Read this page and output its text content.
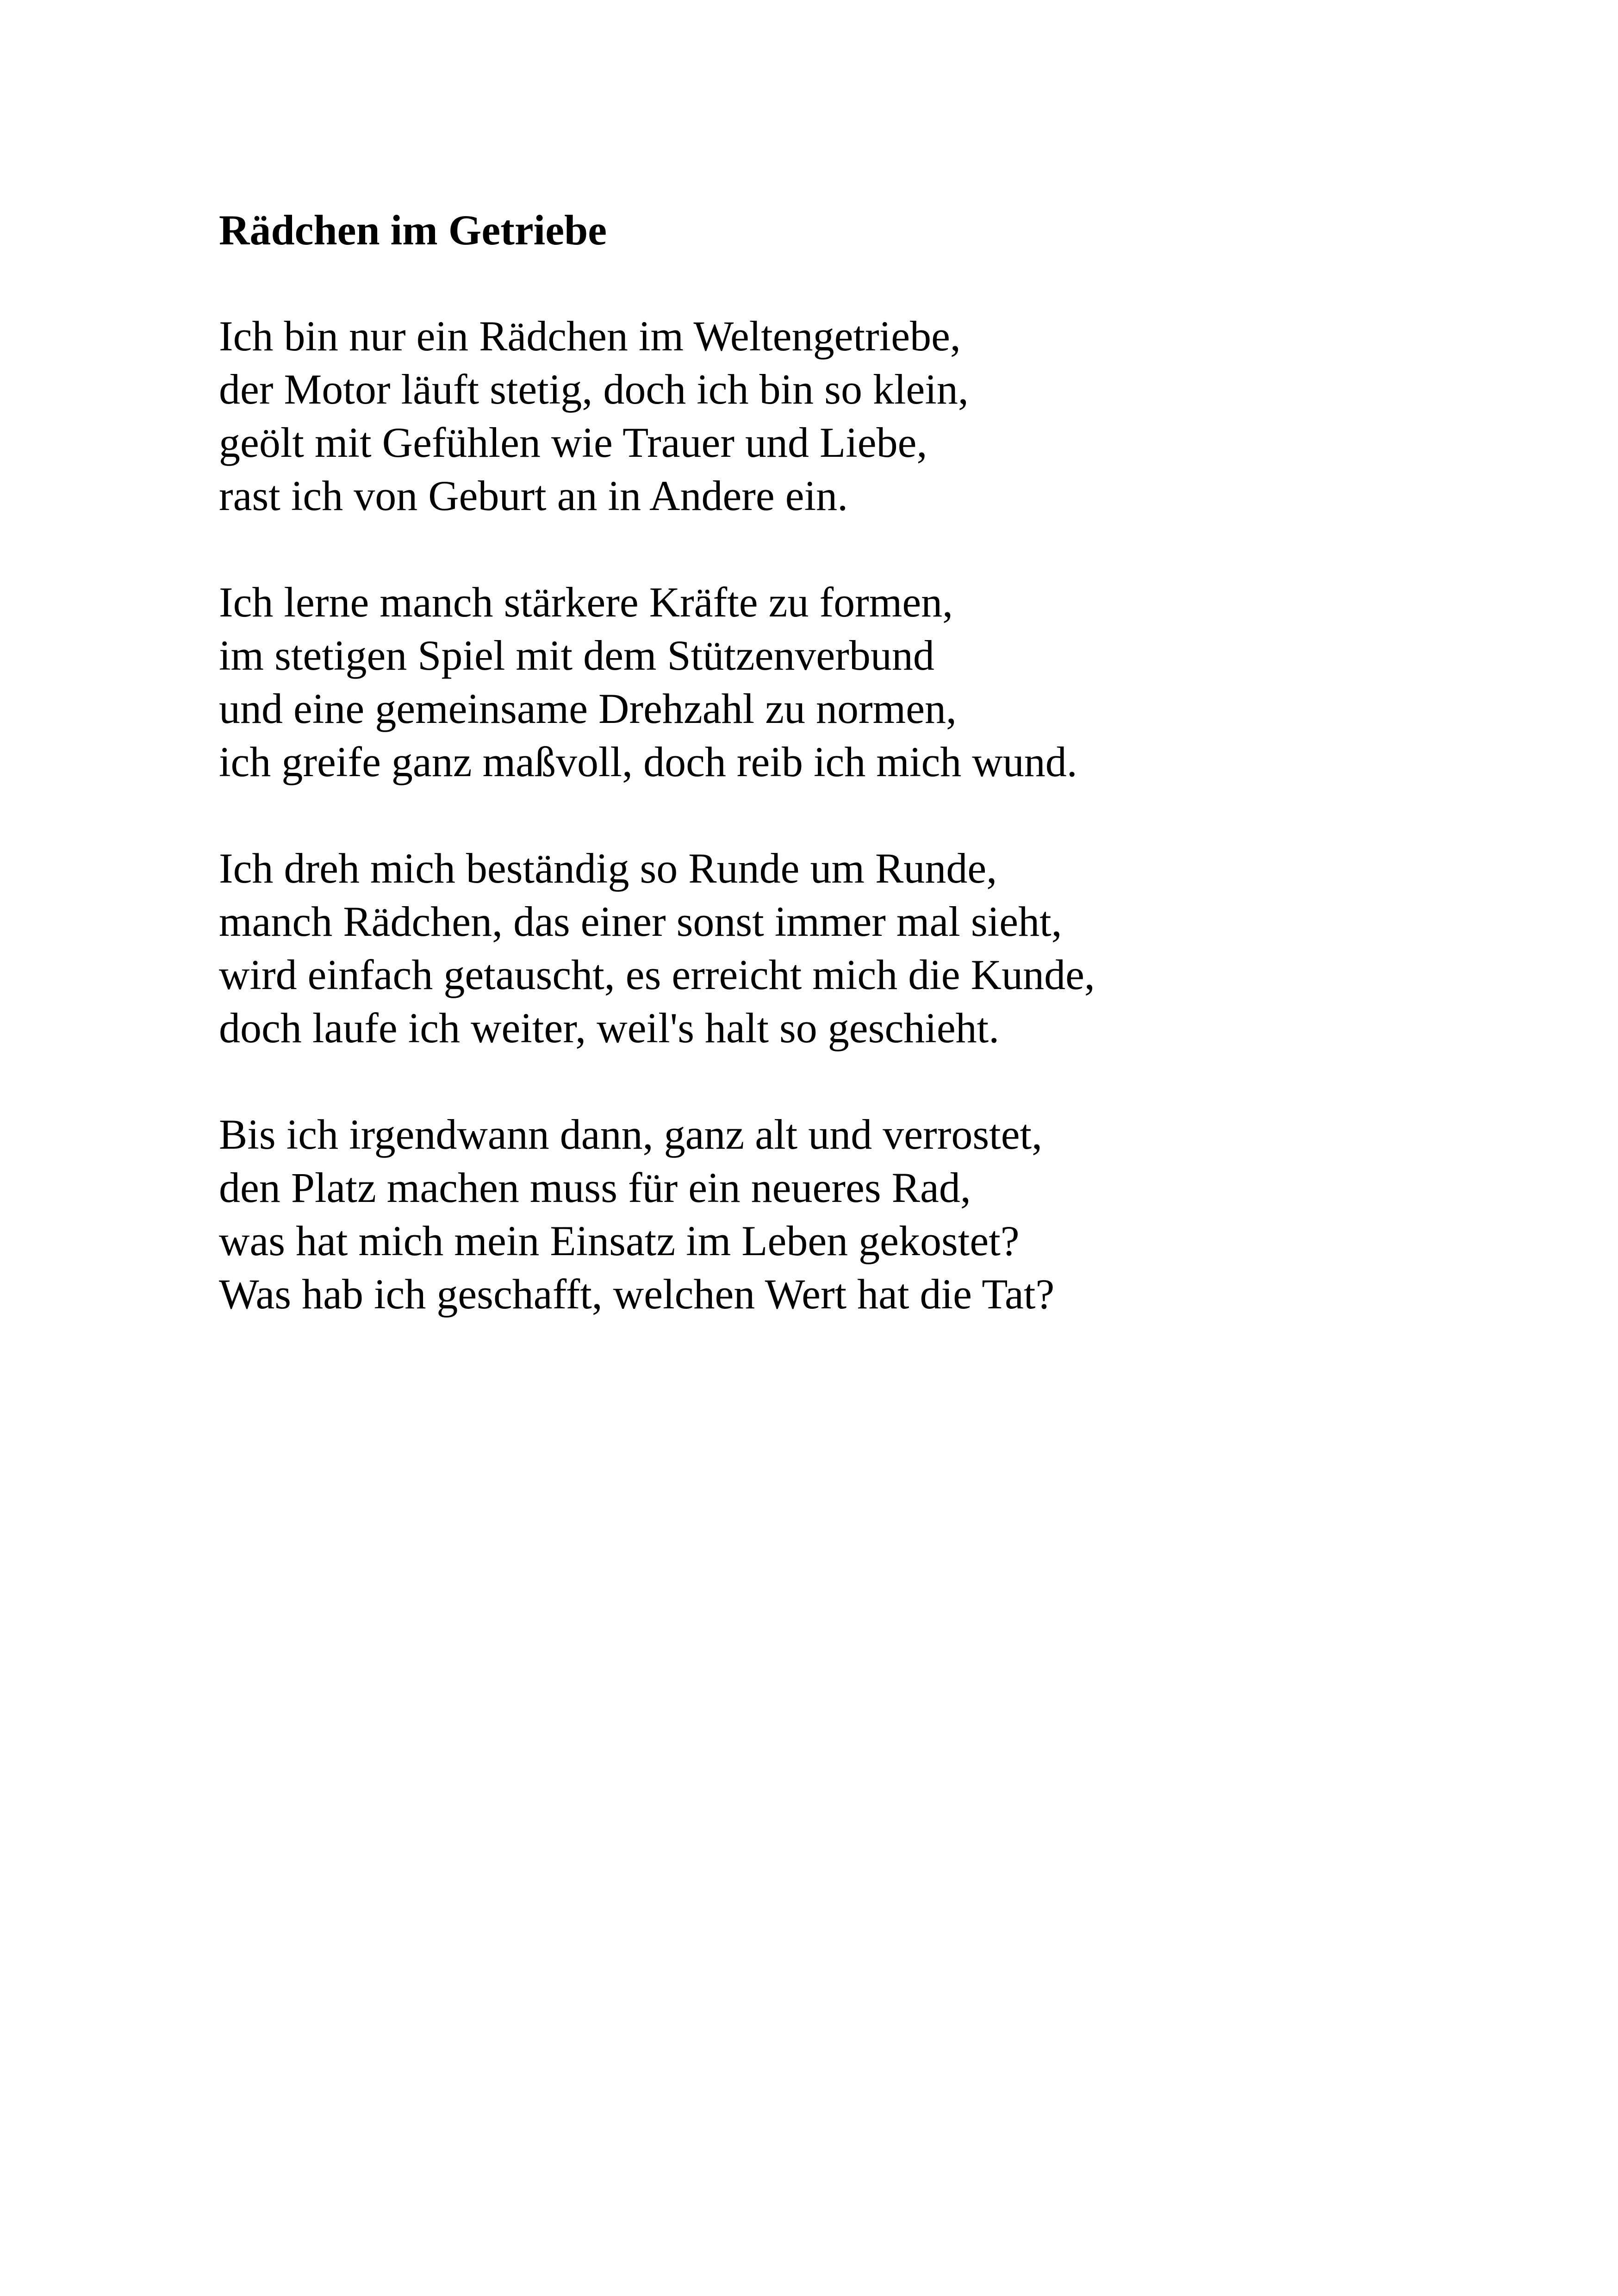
Rädchen im Getriebe

Ich bin nur ein Rädchen im Weltengetriebe,

der Motor läuft stetig, doch ich bin so klein,

geölt mit Gefühlen wie Trauer und Liebe,

rast ich von Geburt an in Andere ein.

Ich lerne manch stärkere Kräfte zu formen,

im stetigen Spiel mit dem Stützenverbund

und eine gemeinsame Drehzahl zu normen,

ich greife ganz maßvoll, doch reib ich mich wund.

Ich dreh mich beständig so Runde um Runde,

manch Rädchen, das einer sonst immer mal sieht,

wird einfach getauscht, es erreicht mich die Kunde,

doch laufe ich weiter, weil's halt so geschieht.

Bis ich irgendwann dann, ganz alt und verrostet,

den Platz machen muss für ein neueres Rad,

was hat mich mein Einsatz im Leben gekostet?

Was hab ich geschafft, welchen Wert hat die Tat?
